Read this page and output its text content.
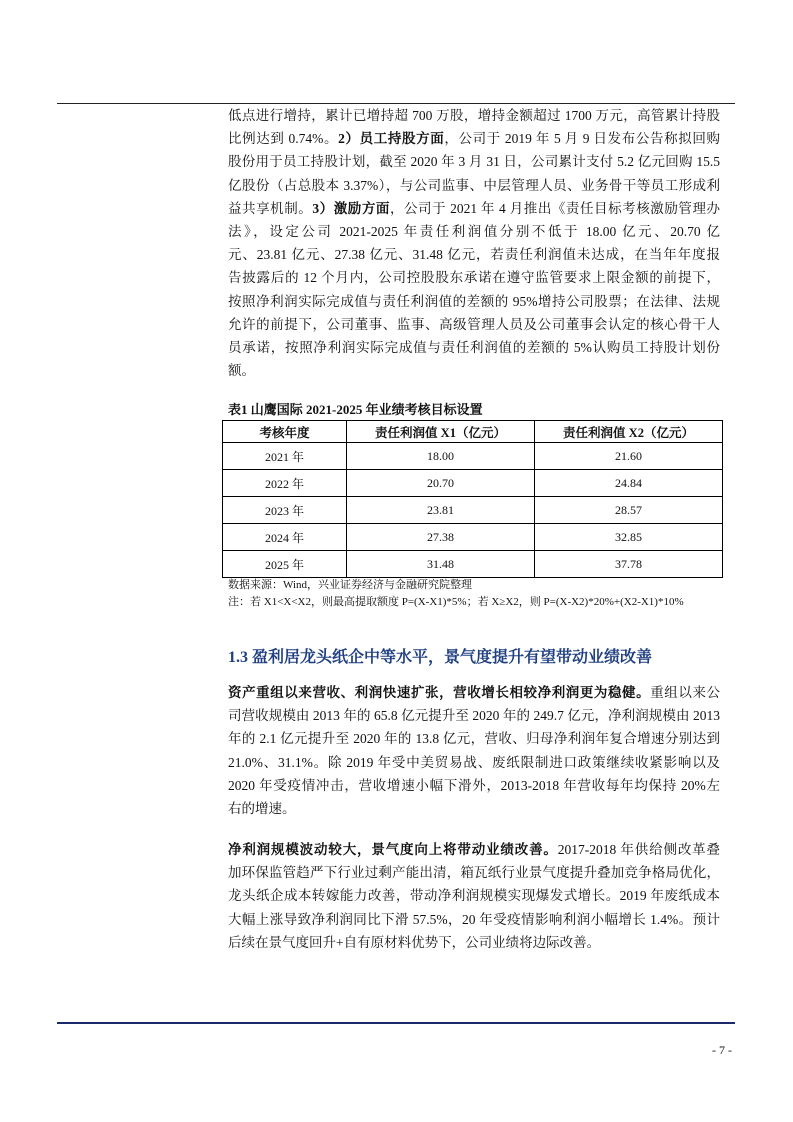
低点进行增持，累计已增持超 700 万股，增持金额超过 1700 万元，高管累计持股
比例达到 0.74%。2）员工持股方面，公司于 2019 年 5 月 9 日发布公告称拟回购
股份用于员工持股计划，截至 2020 年 3 月 31 日，公司累计支付 5.2 亿元回购 15.5
亿股份（占总股本 3.37%），与公司监事、中层管理人员、业务骨干等员工形成利
益共享机制。3）激励方面，公司于 2021 年 4 月推出《责任目标考核激励管理办
法》，设定公司 2021-2025 年责任利润值分别不低于 18.00 亿元、20.70 亿
元、23.81 亿元、27.38 亿元、31.48 亿元，若责任利润值未达成，在当年年度报
告披露后的 12 个月内，公司控股股东承诺在遵守监管要求上限金额的前提下，
按照净利润实际完成值与责任利润值的差额的 95%增持公司股票；在法律、法规
允许的前提下，公司董事、监事、高级管理人员及公司董事会认定的核心骨干人
员承诺，按照净利润实际完成值与责任利润值的差额的 5%认购员工持股计划份
额。
表1 山鹰国际 2021-2025 年业绩考核目标设置
考核年度	责任利润值 X1（亿元）	责任利润值 X2（亿元）
2021 年	18.00	21.60
2022 年	20.70	24.84
2023 年	23.81	28.57
2024 年	27.38	32.85
2025 年	31.48	37.78
数据来源：Wind，兴业证券经济与金融研究院整理
注：若 X1<X<X2，则最高提取额度 P=(X-X1)*5%；若 X≥X2，则 P=(X-X2)*20%+(X2-X1)*10%
1.3 盈利居龙头纸企中等水平，景气度提升有望带动业绩改善
资产重组以来营收、利润快速扩张，营收增长相较净利润更为稳健。重组以来公
司营收规模由 2013 年的 65.8 亿元提升至 2020 年的 249.7 亿元，净利润规模由 2013
年的 2.1 亿元提升至 2020 年的 13.8 亿元，营收、归母净利润年复合增速分别达到
21.0%、31.1%。除 2019 年受中美贸易战、废纸限制进口政策继续收紧影响以及
2020 年受疫情冲击，营收增速小幅下滑外，2013-2018 年营收每年均保持 20%左
右的增速。
净利润规模波动较大，景气度向上将带动业绩改善。2017-2018 年供给侧改革叠
加环保监管趋严下行业过剩产能出清，箱瓦纸行业景气度提升叠加竞争格局优化，
龙头纸企成本转嫁能力改善，带动净利润规模实现爆发式增长。2019 年废纸成本
大幅上涨导致净利润同比下滑 57.5%，20 年受疫情影响利润小幅增长 1.4%。预计
后续在景气度回升+自有原材料优势下，公司业绩将边际改善。
- 7 -
